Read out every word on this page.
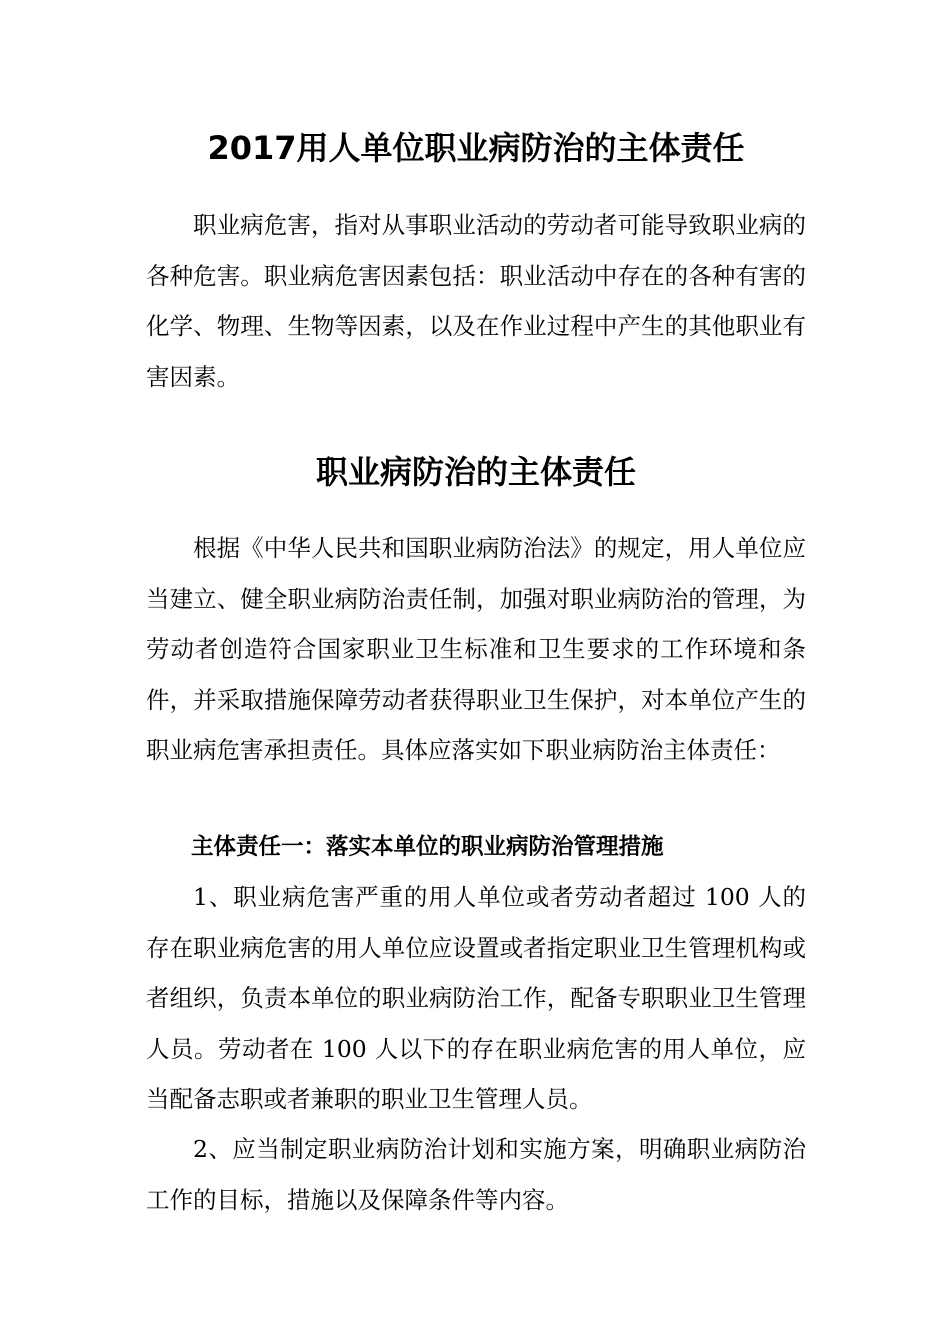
2017用人单位职业病防治的主体责任

职业病危害，指对从事职业活动的劳动者可能导致职业病的各种危害。职业病危害因素包括：职业活动中存在的各种有害的化学、物理、生物等因素，以及在作业过程中产生的其他职业有害因素。

职业病防治的主体责任

根据《中华人民共和国职业病防治法》的规定，用人单位应当建立、健全职业病防治责任制，加强对职业病防治的管理，为劳动者创造符合国家职业卫生标准和卫生要求的工作环境和条件，并采取措施保障劳动者获得职业卫生保护，对本单位产生的职业病危害承担责任。具体应落实如下职业病防治主体责任：

主体责任一：落实本单位的职业病防治管理措施

1、职业病危害严重的用人单位或者劳动者超过 100 人的存在职业病危害的用人单位应设置或者指定职业卫生管理机构或者组织，负责本单位的职业病防治工作，配备专职职业卫生管理人员。劳动者在 100 人以下的存在职业病危害的用人单位，应当配备志职或者兼职的职业卫生管理人员。

2、应当制定职业病防治计划和实施方案，明确职业病防治工作的目标，措施以及保障条件等内容。
